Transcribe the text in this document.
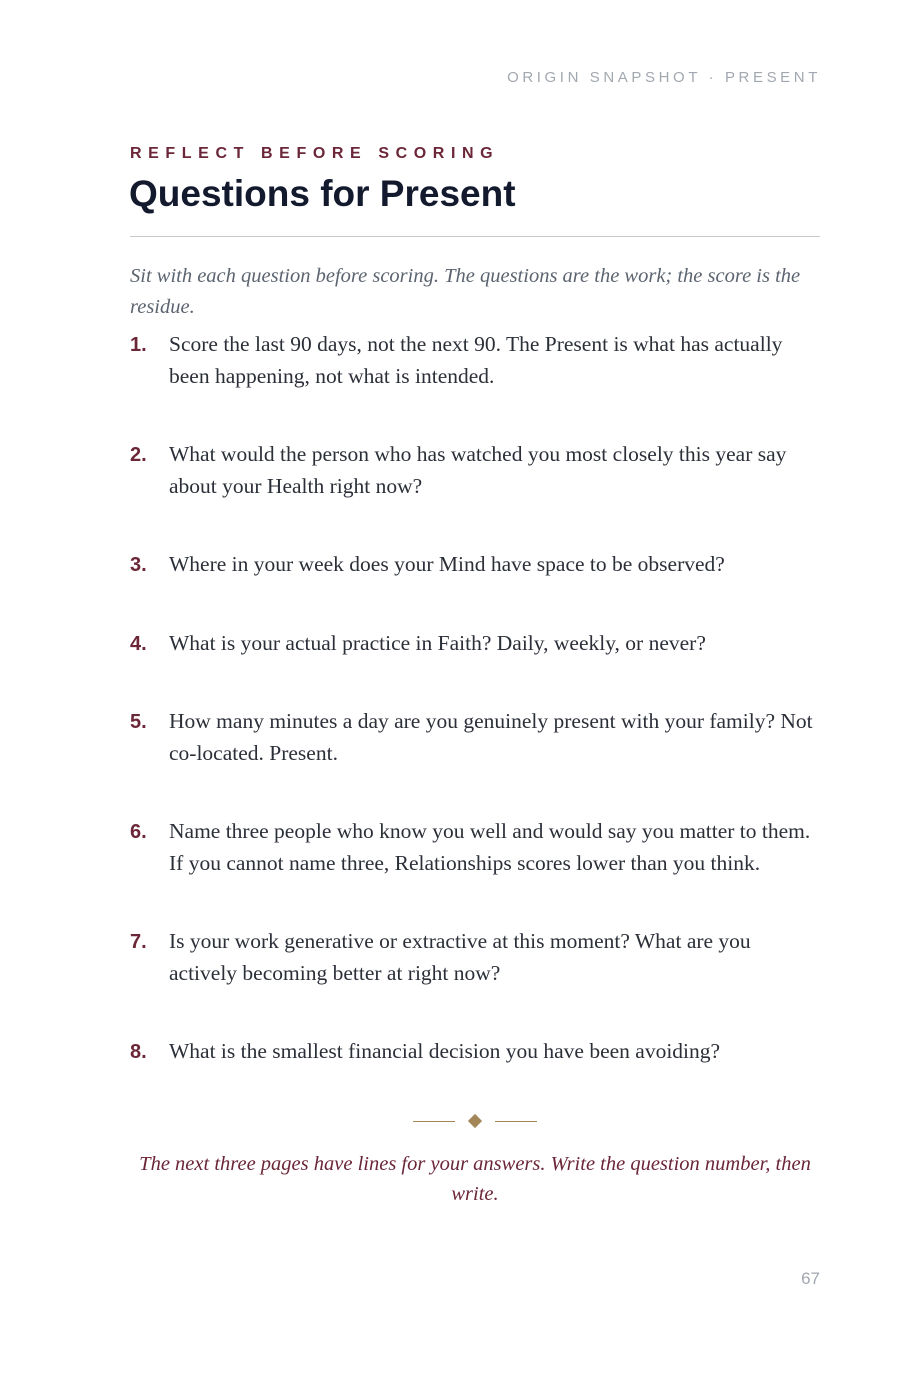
ORIGIN SNAPSHOT · PRESENT
REFLECT BEFORE SCORING
Questions for Present

Sit with each question before scoring. The questions are the work; the score is the residue.

1. Score the last 90 days, not the next 90. The Present is what has actually been happening, not what is intended.
2. What would the person who has watched you most closely this year say about your Health right now?
3. Where in your week does your Mind have space to be observed?
4. What is your actual practice in Faith? Daily, weekly, or never?
5. How many minutes a day are you genuinely present with your family? Not co-located. Present.
6. Name three people who know you well and would say you matter to them. If you cannot name three, Relationships scores lower than you think.
7. Is your work generative or extractive at this moment? What are you actively becoming better at right now?
8. What is the smallest financial decision you have been avoiding?

The next three pages have lines for your answers. Write the question number, then write.

67
